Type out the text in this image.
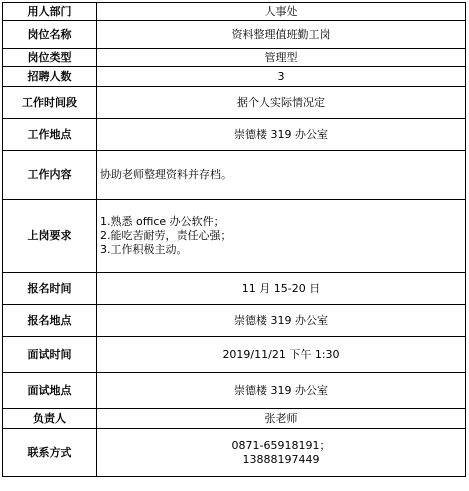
用人部门	人事处
岗位名称	资料整理值班勤工岗
岗位类型	管理型
招聘人数	3
工作时间段	据个人实际情况定
工作地点	崇德楼 319 办公室
工作内容	协助老师整理资料并存档。
上岗要求	1.熟悉 office 办公软件；
2.能吃苦耐劳，责任心强；
3.工作积极主动。

报名时间	11 月 15-20 日
报名地点	崇德楼 319 办公室
面试时间	2019/11/21 下午 1:30
面试地点	崇德楼 319 办公室
负责人	张老师
联系方式	0871-65918191；
13888197449
